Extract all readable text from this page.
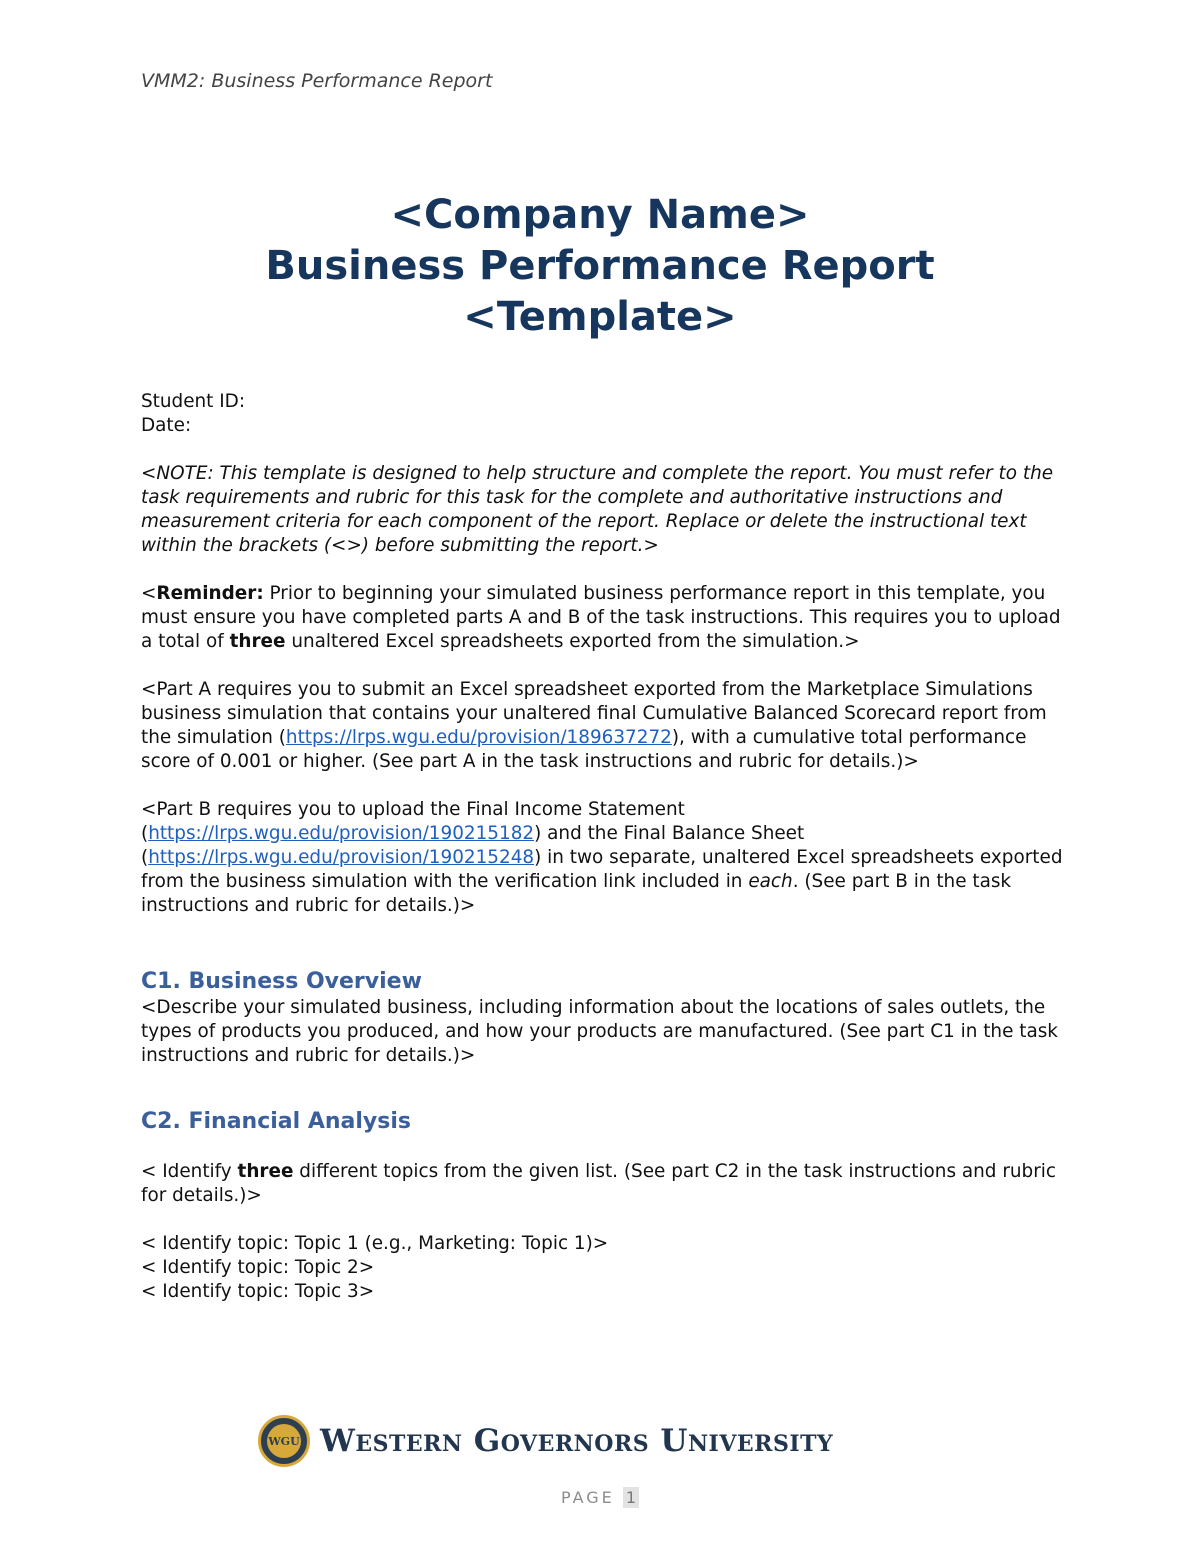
VMM2: Business Performance Report
<Company Name>
Business Performance Report
<Template>

Student ID:

Date:

<NOTE: This template is designed to help structure and complete the report. You must refer to the task requirements and rubric for this task for the complete and authoritative instructions and measurement criteria for each component of the report. Replace or delete the instructional text within the brackets (<>) before submitting the report.>

<Reminder: Prior to beginning your simulated business performance report in this template, you must ensure you have completed parts A and B of the task instructions. This requires you to upload a total of three unaltered Excel spreadsheets exported from the simulation.>

<Part A requires you to submit an Excel spreadsheet exported from the Marketplace Simulations business simulation that contains your unaltered final Cumulative Balanced Scorecard report from the simulation (https://lrps.wgu.edu/provision/189637272), with a cumulative total performance score of 0.001 or higher. (See part A in the task instructions and rubric for details.)>

<Part B requires you to upload the Final Income Statement (https://lrps.wgu.edu/provision/190215182) and the Final Balance Sheet (https://lrps.wgu.edu/provision/190215248) in two separate, unaltered Excel spreadsheets exported from the business simulation with the verification link included in each. (See part B in the task instructions and rubric for details.)>

C1. Business Overview

<Describe your simulated business, including information about the locations of sales outlets, the types of products you produced, and how your products are manufactured. (See part C1 in the task instructions and rubric for details.)>

C2. Financial Analysis

< Identify three different topics from the given list. (See part C2 in the task instructions and rubric for details.)>

< Identify topic: Topic 1 (e.g., Marketing: Topic 1)>
< Identify topic: Topic 2>
< Identify topic: Topic 3>
WGU Western Governors University
PAGE 1
